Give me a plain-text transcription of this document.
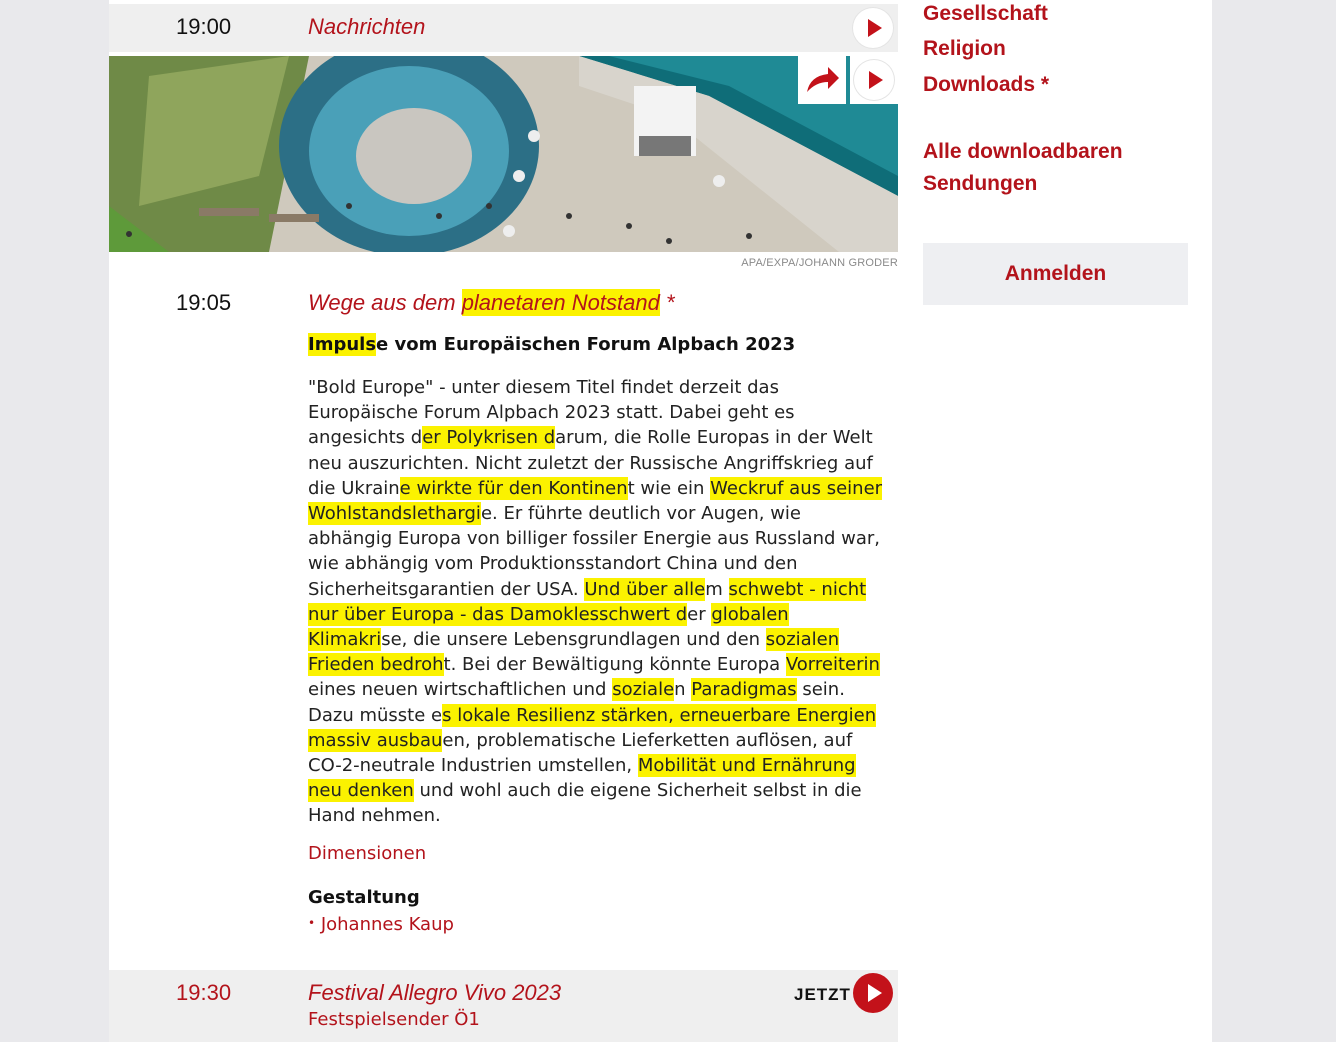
19:00	Nachrichten
APA/EXPA/JOHANN GRODER
19:05	Wege aus dem planetaren Notstand *
Impulse vom Europäischen Forum Alpbach 2023

"Bold Europe" - unter diesem Titel findet derzeit das Europäische Forum Alpbach 2023 statt. Dabei geht es angesichts der Polykrisen darum, die Rolle Europas in der Welt neu auszurichten. Nicht zuletzt der Russische Angriffskrieg auf die Ukraine wirkte für den Kontinent wie ein Weckruf aus seiner Wohlstandslethargie. Er führte deutlich vor Augen, wie abhängig Europa von billiger fossiler Energie aus Russland war, wie abhängig vom Produktionsstandort China und den Sicherheitsgarantien der USA. Und über allem schwebt - nicht nur über Europa - das Damoklesschwert der globalen Klimakrise, die unsere Lebensgrundlagen und den sozialen Frieden bedroht. Bei der Bewältigung könnte Europa Vorreiterin eines neuen wirtschaftlichen und sozialen Paradigmas sein. Dazu müsste es lokale Resilienz stärken, erneuerbare Energien massiv ausbauen, problematische Lieferketten auflösen, auf CO-2-neutrale Industrien umstellen, Mobilität und Ernährung neu denken und wohl auch die eigene Sicherheit selbst in die Hand nehmen.

Dimensionen
Gestaltung
• Johannes Kaup
19:30	Festival Allegro Vivo 2023
Festspielsender Ö1
JETZT
Gesellschaft
Religion
Downloads *
Alle downloadbaren
Sendungen
Anmelden
